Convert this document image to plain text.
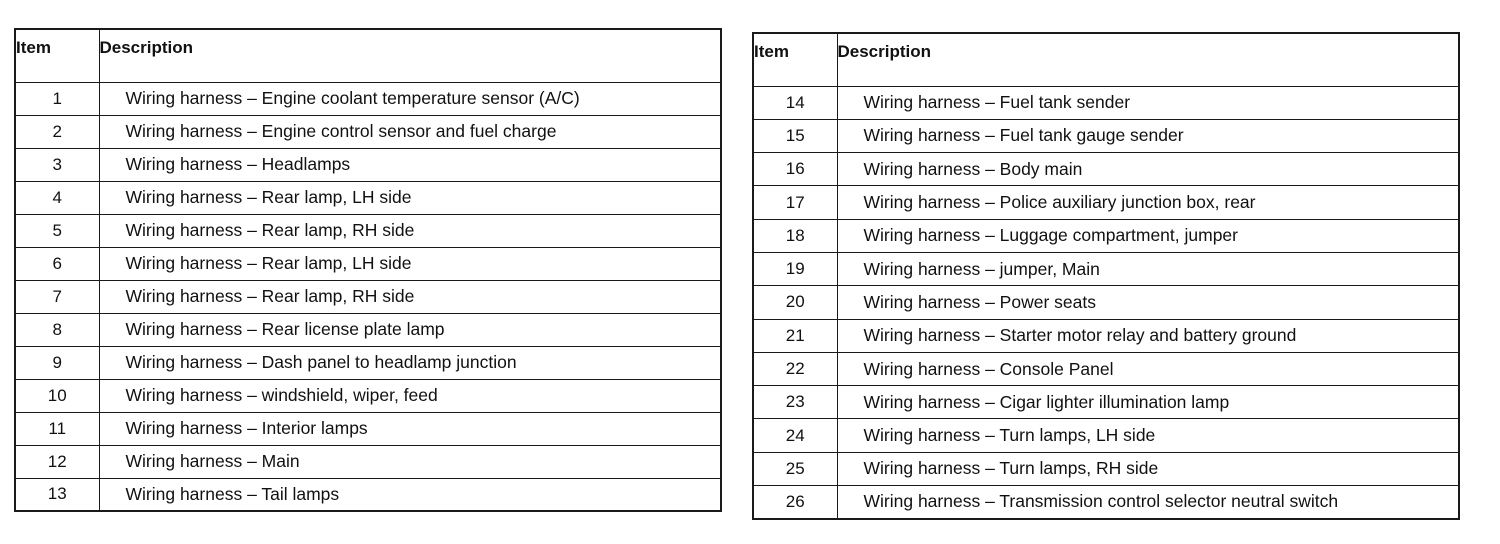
Item	Description
1	Wiring harness – Engine coolant temperature sensor (A/C)
2	Wiring harness – Engine control sensor and fuel charge
3	Wiring harness – Headlamps
4	Wiring harness – Rear lamp, LH side
5	Wiring harness – Rear lamp, RH side
6	Wiring harness – Rear lamp, LH side
7	Wiring harness – Rear lamp, RH side
8	Wiring harness – Rear license plate lamp
9	Wiring harness – Dash panel to headlamp junction
10	Wiring harness – windshield, wiper, feed
11	Wiring harness – Interior lamps
12	Wiring harness – Main
13	Wiring harness – Tail lamps
Item	Description
14	Wiring harness – Fuel tank sender
15	Wiring harness – Fuel tank gauge sender
16	Wiring harness – Body main
17	Wiring harness – Police auxiliary junction box, rear
18	Wiring harness – Luggage compartment, jumper
19	Wiring harness – jumper, Main
20	Wiring harness – Power seats
21	Wiring harness – Starter motor relay and battery ground
22	Wiring harness – Console Panel
23	Wiring harness – Cigar lighter illumination lamp
24	Wiring harness – Turn lamps, LH side
25	Wiring harness – Turn lamps, RH side
26	Wiring harness – Transmission control selector neutral switch
